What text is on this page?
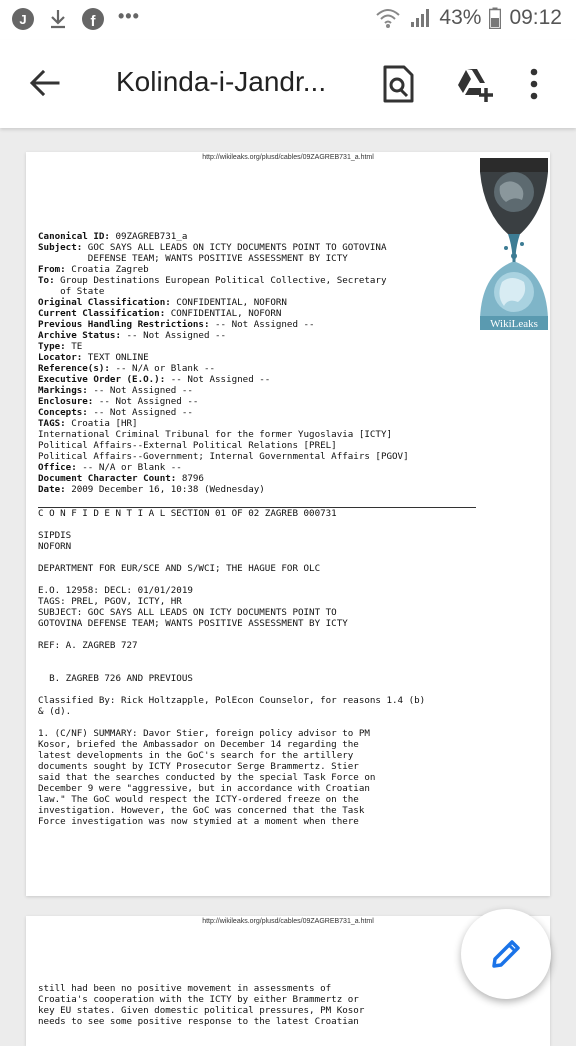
J	f	•••	43% 09:12
Kolinda-i-Jandr...
http://wikileaks.org/plusd/cables/09ZAGREB731_a.html
WikiLeaks
Canonical ID: 09ZAGREB731_a
Subject: GOC SAYS ALL LEADS ON ICTY DOCUMENTS POINT TO GOTOVINA
DEFENSE TEAM; WANTS POSITIVE ASSESSMENT BY ICTY
From: Croatia Zagreb
To: Group Destinations European Political Collective, Secretary
of State
Original Classification: CONFIDENTIAL, NOFORN
Current Classification: CONFIDENTIAL, NOFORN
Previous Handling Restrictions: -- Not Assigned --
Archive Status: -- Not Assigned --
Type: TE
Locator: TEXT ONLINE
Reference(s): -- N/A or Blank --
Executive Order (E.O.): -- Not Assigned --
Markings: -- Not Assigned --
Enclosure: -- Not Assigned --
Concepts: -- Not Assigned --
TAGS: Croatia [HR]
International Criminal Tribunal for the former Yugoslavia [ICTY]
Political Affairs--External Political Relations [PREL]
Political Affairs--Government; Internal Governmental Affairs [PGOV]
Office: -- N/A or Blank --
Document Character Count: 8796
Date: 2009 December 16, 10:38 (Wednesday)
C O N F I D E N T I A L SECTION 01 OF 02 ZAGREB 000731

SIPDIS
NOFORN

DEPARTMENT FOR EUR/SCE AND S/WCI; THE HAGUE FOR OLC

E.O. 12958: DECL: 01/01/2019
TAGS: PREL, PGOV, ICTY, HR
SUBJECT: GOC SAYS ALL LEADS ON ICTY DOCUMENTS POINT TO
GOTOVINA DEFENSE TEAM; WANTS POSITIVE ASSESSMENT BY ICTY

REF: A. ZAGREB 727

B. ZAGREB 726 AND PREVIOUS

Classified By: Rick Holtzapple, PolEcon Counselor, for reasons 1.4 (b)
& (d).

1. (C/NF) SUMMARY: Davor Stier, foreign policy advisor to PM
Kosor, briefed the Ambassador on December 14 regarding the
latest developments in the GoC's search for the artillery
documents sought by ICTY Prosecutor Serge Brammertz. Stier
said that the searches conducted by the special Task Force on
December 9 were "aggressive, but in accordance with Croatian
law." The GoC would respect the ICTY-ordered freeze on the
investigation. However, the GoC was concerned that the Task
Force investigation was now stymied at a moment when there
http://wikileaks.org/plusd/cables/09ZAGREB731_a.html
still had been no positive movement in assessments of
Croatia's cooperation with the ICTY by either Brammertz or
key EU states. Given domestic political pressures, PM Kosor
needs to see some positive response to the latest Croatian
